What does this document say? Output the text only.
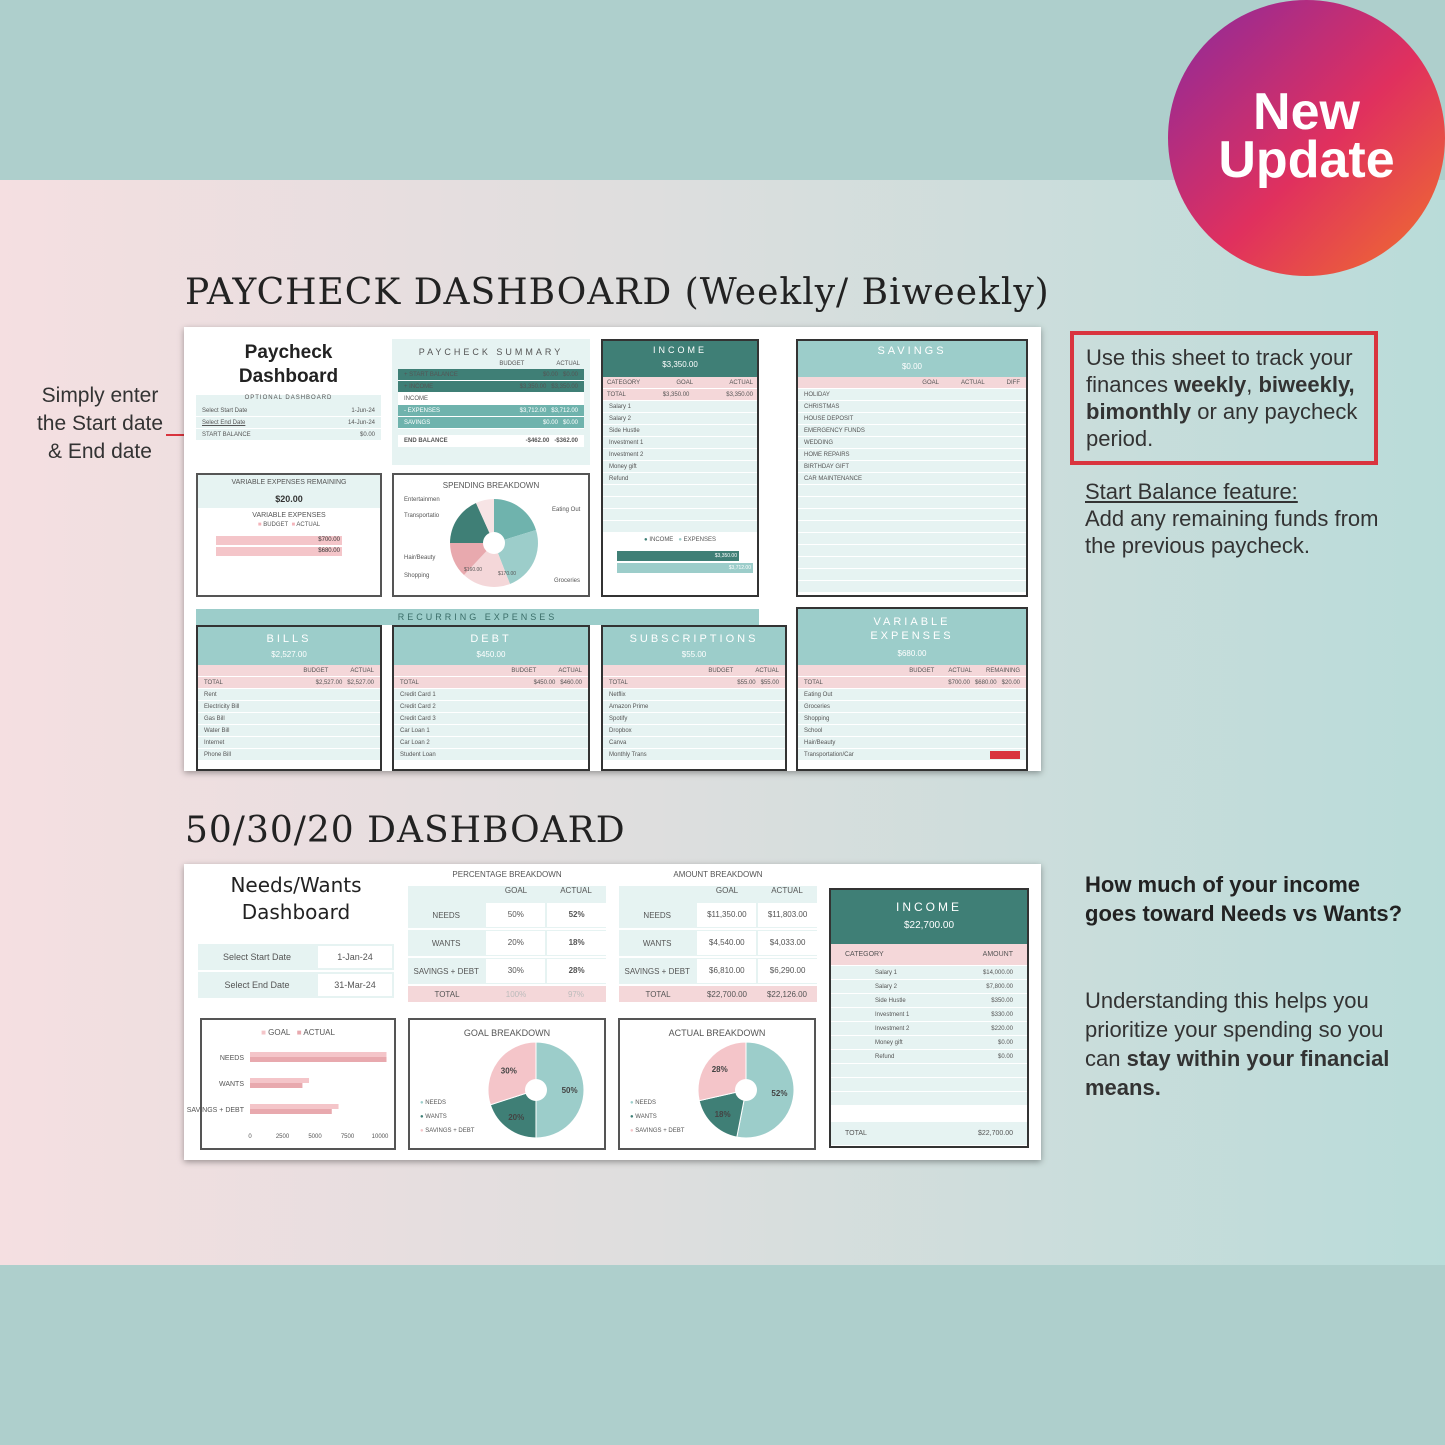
New
Update
PAYCHECK DASHBOARD (Weekly/ Biweekly)
50/30/20 DASHBOARD
Simply enter the Start date & End date
Use this sheet to track your finances weekly, biweekly, bimonthly or any paycheck period.
Start Balance feature:
Add any remaining funds from the previous paycheck.
How much of your income goes toward Needs vs Wants?
Understanding this helps you prioritize your spending so you can stay within your financial means.
Paycheck Dashboard
OPTIONAL DASHBOARD
Select Start Date	1-Jun-24
Select End Date	14-Jun-24
START BALANCE	$0.00
PAYCHECK SUMMARY
BUDGET	ACTUAL
+ START BALANCE	$0.00   $0.00
+ INCOME	$3,350.00   $3,350.00
INCOME
- EXPENSES	$3,712.00   $3,712.00
SAVINGS	$0.00   $0.00
END BALANCE	-$462.00 -$362.00
VARIABLE EXPENSES REMAINING
$20.00
VARIABLE EXPENSES
■ BUDGET ■ ACTUAL
$700.00
$680.00
SPENDING BREAKDOWN
Entertainmen
Transportatio
Hair/Beauty
Shopping
Eating Out
Groceries
$160.00
$170.00
INCOME
$3,350.00
CATEGORY	GOAL	ACTUAL
TOTAL	$3,350.00	$3,350.00
Salary 1
Salary 2
Side Hustle
Investment 1
Investment 2
Money gift
Refund
● INCOME ● EXPENSES
$3,350.00
$3,712.00
SAVINGS
$0.00
GOAL	ACTUAL	DIFF
HOLIDAY
CHRISTMAS
HOUSE DEPOSIT
EMERGENCY FUNDS
WEDDING
HOME REPAIRS
BIRTHDAY GIFT
CAR MAINTENANCE
RECURRING EXPENSES
BILLS
$2,527.00
BUDGET	ACTUAL
TOTAL	$2,527.00   $2,527.00
Rent
Electricity Bill
Gas Bill
Water Bill
Internet
Phone Bill
DEBT
$450.00
BUDGET	ACTUAL
TOTAL	$450.00   $460.00
Credit Card 1
Credit Card 2
Credit Card 3
Car Loan 1
Car Loan 2
Student Loan
SUBSCRIPTIONS
$55.00
BUDGET	ACTUAL
TOTAL	$55.00   $55.00
Netflix
Amazon Prime
Spotify
Dropbox
Canva
Monthly Trans
VARIABLE EXPENSES
$680.00
BUDGET ACTUAL REMAINING
TOTAL	$700.00   $680.00   $20.00
Eating Out
Groceries
Shopping
School
Hair/Beauty
Transportation/Car
Needs/Wants Dashboard
Select Start Date	1-Jan-24
Select End Date	31-Mar-24
PERCENTAGE BREAKDOWN
GOAL	ACTUAL
NEEDS	50%	52%
WANTS	20%	18%
SAVINGS + DEBT	30%	28%
TOTAL	100%	97%
AMOUNT BREAKDOWN
GOAL	ACTUAL
NEEDS	$11,350.00	$11,803.00
WANTS	$4,540.00	$4,033.00
SAVINGS + DEBT	$6,810.00	$6,290.00
TOTAL	$22,700.00	$22,126.00
■ GOAL ■ ACTUAL
NEEDS
WANTS
SAVINGS + DEBT
0	2500	5000	7500	10000
GOAL BREAKDOWN
50%
20%
30%
● NEEDS
● WANTS
● SAVINGS + DEBT
ACTUAL BREAKDOWN
52%
18%
28%
● NEEDS
● WANTS
● SAVINGS + DEBT
INCOME
$22,700.00
CATEGORY	AMOUNT
Salary 1	$14,000.00
Salary 2	$7,800.00
Side Hustle	$350.00
Investment 1	$330.00
Investment 2	$220.00
Money gift	$0.00
Refund	$0.00
TOTAL	$22,700.00
